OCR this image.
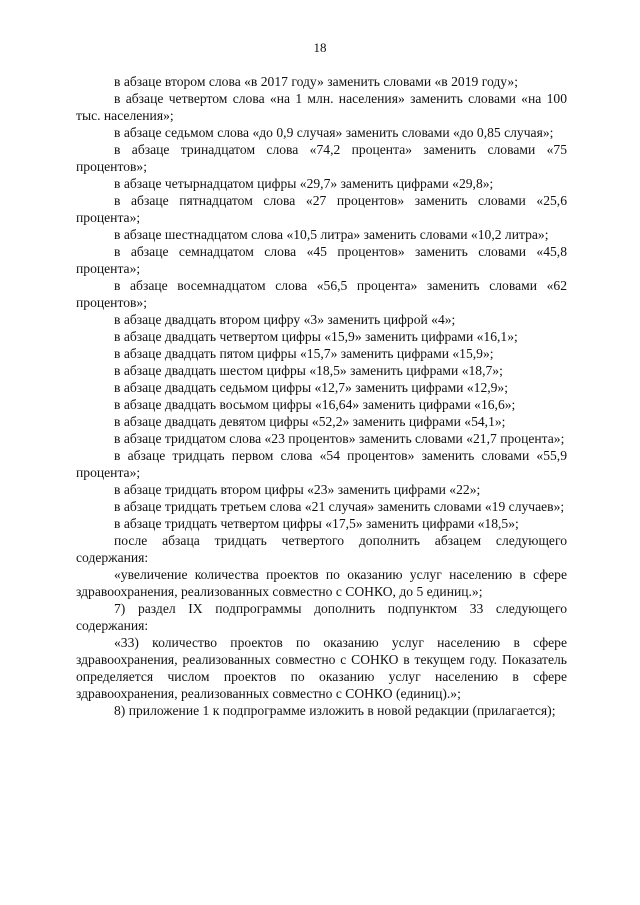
18

в абзаце втором слова «в 2017 году» заменить словами «в 2019 году»;

в абзаце четвертом слова «на 1 млн. населения» заменить словами «на 100 тыс. населения»;

в абзаце седьмом слова «до 0,9 случая» заменить словами «до 0,85 случая»;

в абзаце тринадцатом слова «74,2 процента» заменить словами «75 процентов»;

в абзаце четырнадцатом цифры «29,7» заменить цифрами «29,8»;

в абзаце пятнадцатом слова «27 процентов» заменить словами «25,6 процента»;

в абзаце шестнадцатом слова «10,5 литра» заменить словами «10,2 литра»;

в абзаце семнадцатом слова «45 процентов» заменить словами «45,8 процента»;

в абзаце восемнадцатом слова «56,5 процента» заменить словами «62 процентов»;

в абзаце двадцать втором цифру «3» заменить цифрой «4»;

в абзаце двадцать четвертом цифры «15,9» заменить цифрами «16,1»;

в абзаце двадцать пятом цифры «15,7» заменить цифрами «15,9»;

в абзаце двадцать шестом цифры «18,5» заменить цифрами «18,7»;

в абзаце двадцать седьмом цифры «12,7» заменить цифрами «12,9»;

в абзаце двадцать восьмом цифры «16,64» заменить цифрами «16,6»;

в абзаце двадцать девятом цифры «52,2» заменить цифрами «54,1»;

в абзаце тридцатом слова «23 процентов» заменить словами «21,7 процента»;

в абзаце тридцать первом слова «54 процентов» заменить словами «55,9 процента»;

в абзаце тридцать втором цифры «23» заменить цифрами «22»;

в абзаце тридцать третьем слова «21 случая» заменить словами «19 случаев»;

в абзаце тридцать четвертом цифры «17,5» заменить цифрами «18,5»;

после абзаца тридцать четвертого дополнить абзацем следующего содержания:

«увеличение количества проектов по оказанию услуг населению в сфере здравоохранения, реализованных совместно с СОНКО, до 5 единиц.»;

7) раздел IX подпрограммы дополнить подпунктом 33 следующего содержания:

«33) количество проектов по оказанию услуг населению в сфере здравоохранения, реализованных совместно с СОНКО в текущем году. Показатель определяется числом проектов по оказанию услуг населению в сфере здравоохранения, реализованных совместно с СОНКО (единиц).»;

8) приложение 1 к подпрограмме изложить в новой редакции (прилагается);
